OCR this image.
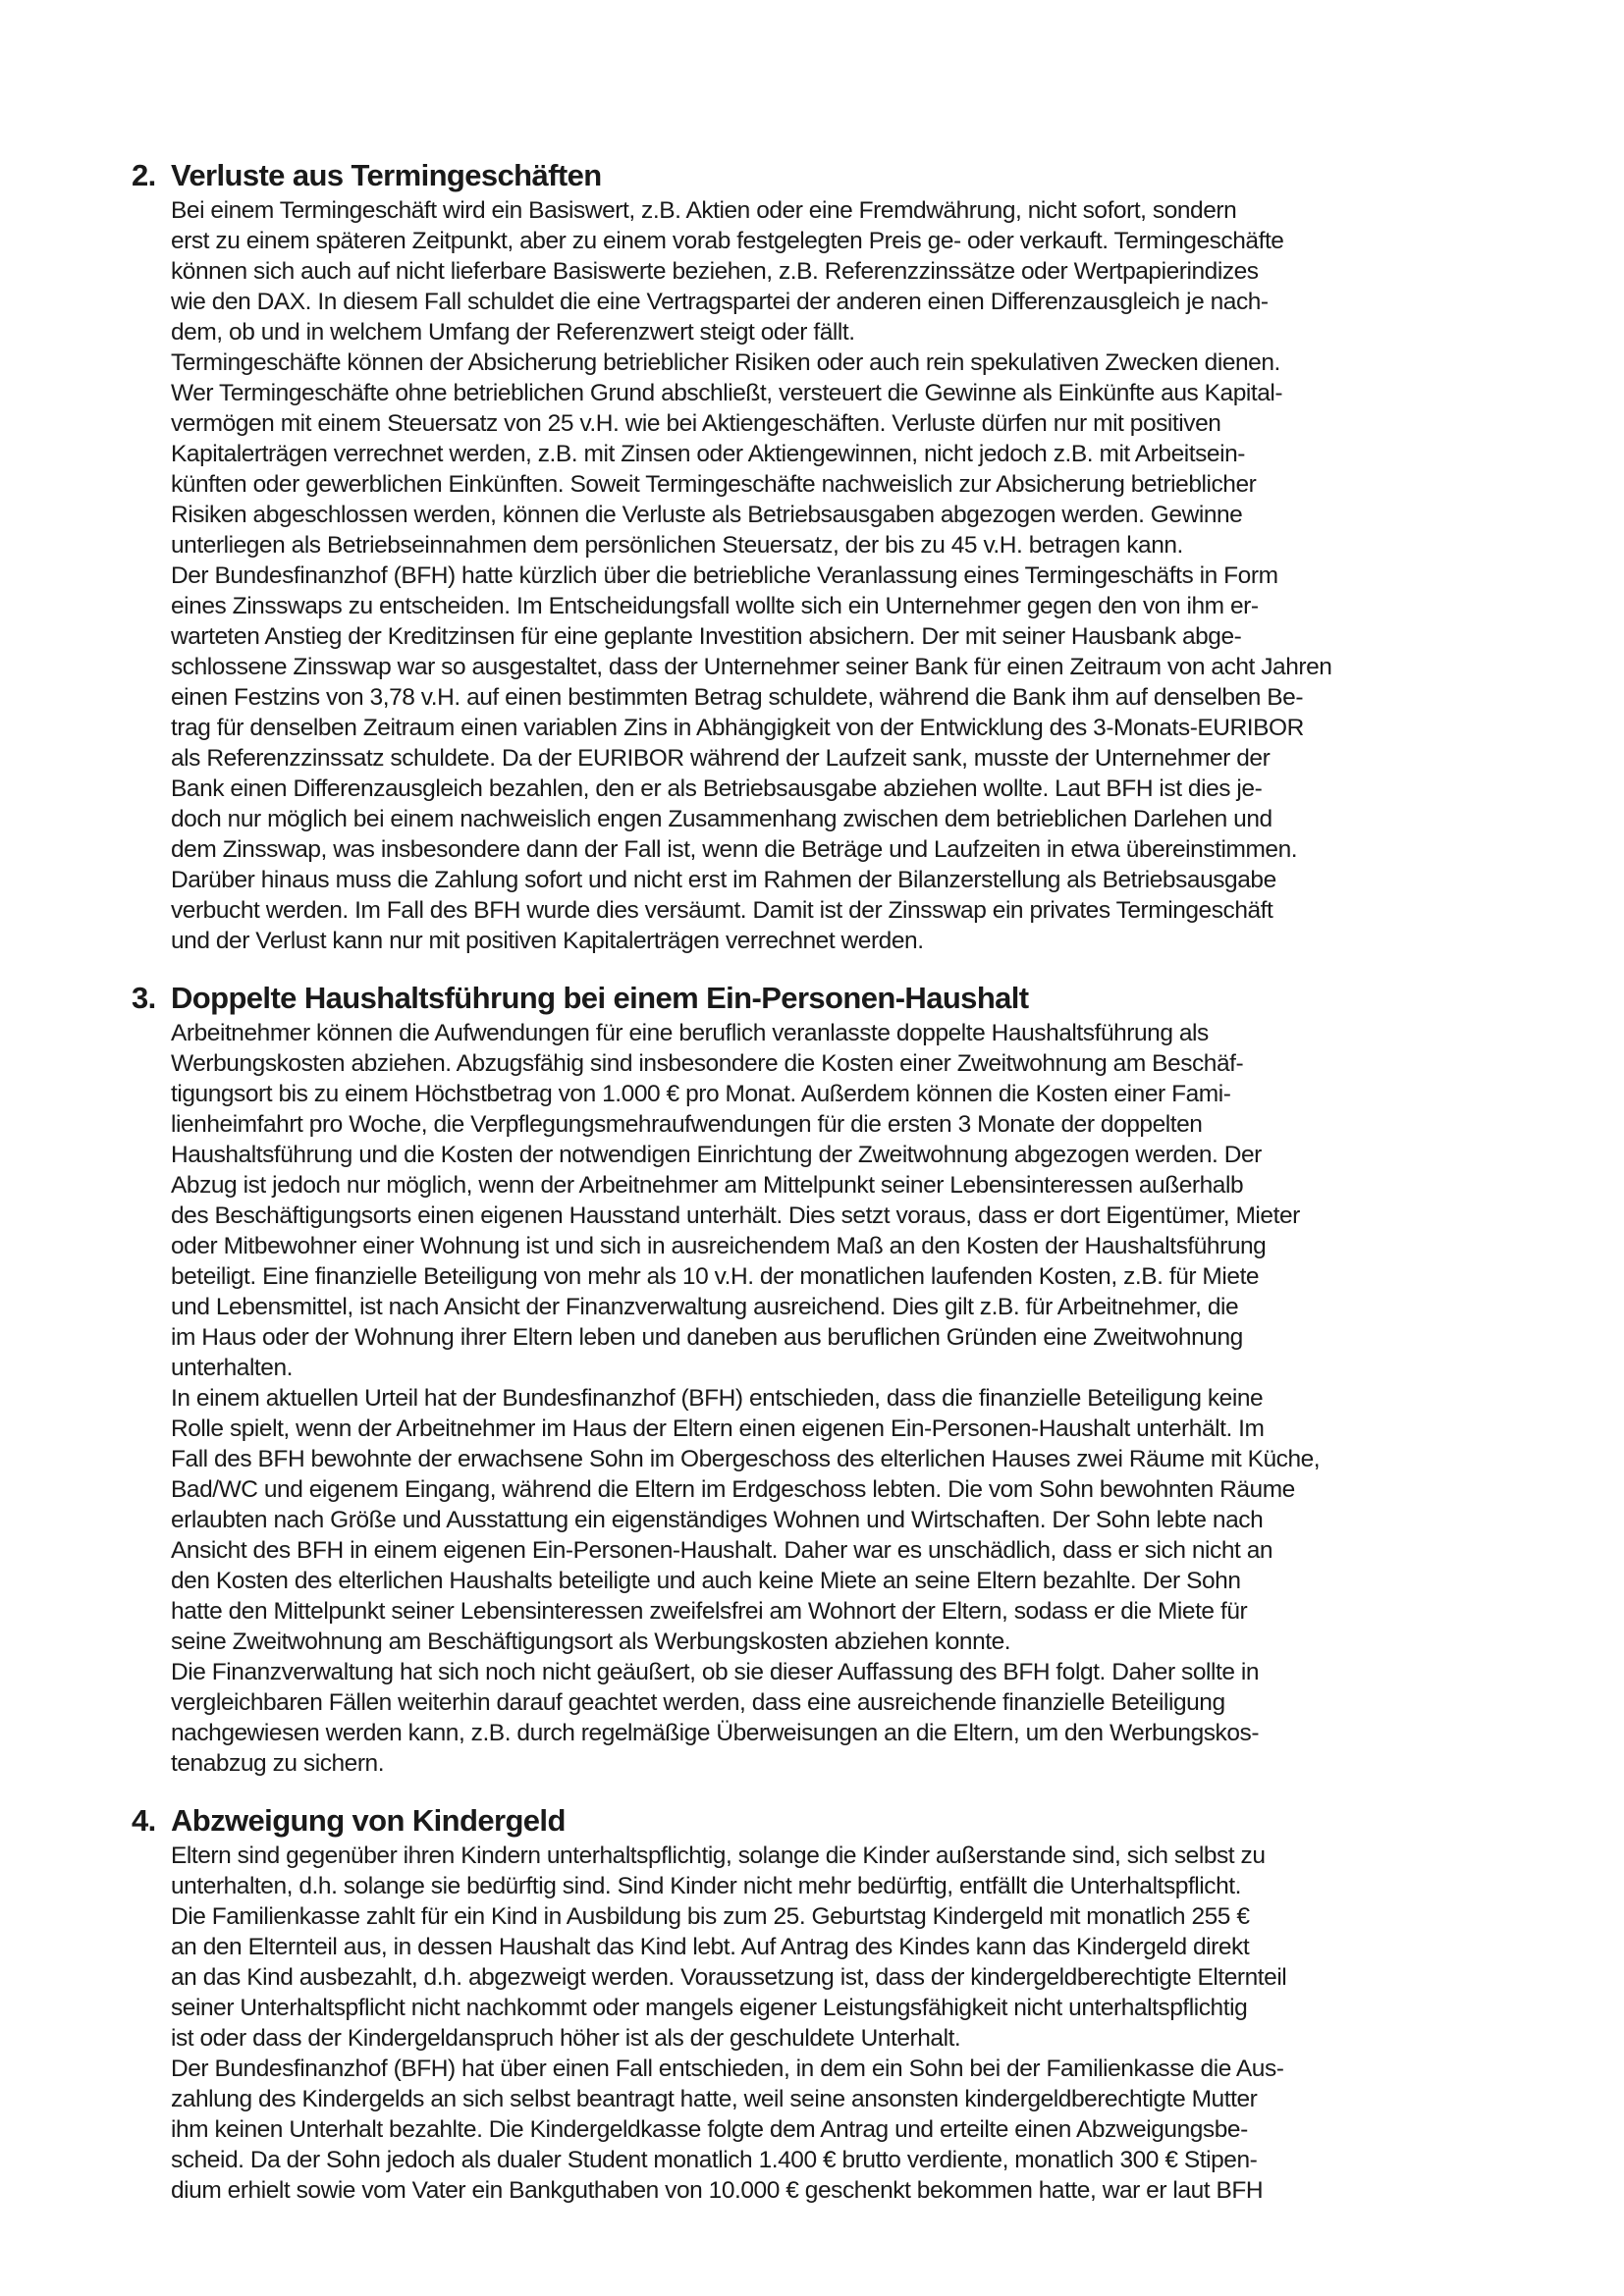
2. Verluste aus Termingeschäften
Bei einem Termingeschäft wird ein Basiswert, z.B. Aktien oder eine Fremdwährung, nicht sofort, sondern
erst zu einem späteren Zeitpunkt, aber zu einem vorab festgelegten Preis ge- oder verkauft. Termingeschäfte
können sich auch auf nicht lieferbare Basiswerte beziehen, z.B. Referenzzinssätze oder Wertpapierindizes
wie den DAX. In diesem Fall schuldet die eine Vertragspartei der anderen einen Differenzausgleich je nach-
dem, ob und in welchem Umfang der Referenzwert steigt oder fällt.
Termingeschäfte können der Absicherung betrieblicher Risiken oder auch rein spekulativen Zwecken dienen.
Wer Termingeschäfte ohne betrieblichen Grund abschließt, versteuert die Gewinne als Einkünfte aus Kapital-
vermögen mit einem Steuersatz von 25 v.H. wie bei Aktiengeschäften. Verluste dürfen nur mit positiven
Kapitalerträgen verrechnet werden, z.B. mit Zinsen oder Aktiengewinnen, nicht jedoch z.B. mit Arbeitsein-
künften oder gewerblichen Einkünften. Soweit Termingeschäfte nachweislich zur Absicherung betrieblicher
Risiken abgeschlossen werden, können die Verluste als Betriebsausgaben abgezogen werden. Gewinne
unterliegen als Betriebseinnahmen dem persönlichen Steuersatz, der bis zu 45 v.H. betragen kann.
Der Bundesfinanzhof (BFH) hatte kürzlich über die betriebliche Veranlassung eines Termingeschäfts in Form
eines Zinsswaps zu entscheiden. Im Entscheidungsfall wollte sich ein Unternehmer gegen den von ihm er-
warteten Anstieg der Kreditzinsen für eine geplante Investition absichern. Der mit seiner Hausbank abge-
schlossene Zinsswap war so ausgestaltet, dass der Unternehmer seiner Bank für einen Zeitraum von acht Jahren
einen Festzins von 3,78 v.H. auf einen bestimmten Betrag schuldete, während die Bank ihm auf denselben Be-
trag für denselben Zeitraum einen variablen Zins in Abhängigkeit von der Entwicklung des 3-Monats-EURIBOR
als Referenzzinssatz schuldete. Da der EURIBOR während der Laufzeit sank, musste der Unternehmer der
Bank einen Differenzausgleich bezahlen, den er als Betriebsausgabe abziehen wollte. Laut BFH ist dies je-
doch nur möglich bei einem nachweislich engen Zusammenhang zwischen dem betrieblichen Darlehen und
dem Zinsswap, was insbesondere dann der Fall ist, wenn die Beträge und Laufzeiten in etwa übereinstimmen.
Darüber hinaus muss die Zahlung sofort und nicht erst im Rahmen der Bilanzerstellung als Betriebsausgabe
verbucht werden. Im Fall des BFH wurde dies versäumt. Damit ist der Zinsswap ein privates Termingeschäft
und der Verlust kann nur mit positiven Kapitalerträgen verrechnet werden.
3. Doppelte Haushaltsführung bei einem Ein-Personen-Haushalt
Arbeitnehmer können die Aufwendungen für eine beruflich veranlasste doppelte Haushaltsführung als
Werbungskosten abziehen. Abzugsfähig sind insbesondere die Kosten einer Zweitwohnung am Beschäf-
tigungsort bis zu einem Höchstbetrag von 1.000 € pro Monat. Außerdem können die Kosten einer Fami-
lienheimfahrt pro Woche, die Verpflegungsmehraufwendungen für die ersten 3 Monate der doppelten
Haushaltsführung und die Kosten der notwendigen Einrichtung der Zweitwohnung abgezogen werden. Der
Abzug ist jedoch nur möglich, wenn der Arbeitnehmer am Mittelpunkt seiner Lebensinteressen außerhalb
des Beschäftigungsorts einen eigenen Hausstand unterhält. Dies setzt voraus, dass er dort Eigentümer, Mieter
oder Mitbewohner einer Wohnung ist und sich in ausreichendem Maß an den Kosten der Haushaltsführung
beteiligt. Eine finanzielle Beteiligung von mehr als 10 v.H. der monatlichen laufenden Kosten, z.B. für Miete
und Lebensmittel, ist nach Ansicht der Finanzverwaltung ausreichend. Dies gilt z.B. für Arbeitnehmer, die
im Haus oder der Wohnung ihrer Eltern leben und daneben aus beruflichen Gründen eine Zweitwohnung
unterhalten.
In einem aktuellen Urteil hat der Bundesfinanzhof (BFH) entschieden, dass die finanzielle Beteiligung keine
Rolle spielt, wenn der Arbeitnehmer im Haus der Eltern einen eigenen Ein-Personen-Haushalt unterhält. Im
Fall des BFH bewohnte der erwachsene Sohn im Obergeschoss des elterlichen Hauses zwei Räume mit Küche,
Bad/WC und eigenem Eingang, während die Eltern im Erdgeschoss lebten. Die vom Sohn bewohnten Räume
erlaubten nach Größe und Ausstattung ein eigenständiges Wohnen und Wirtschaften. Der Sohn lebte nach
Ansicht des BFH in einem eigenen Ein-Personen-Haushalt. Daher war es unschädlich, dass er sich nicht an
den Kosten des elterlichen Haushalts beteiligte und auch keine Miete an seine Eltern bezahlte. Der Sohn
hatte den Mittelpunkt seiner Lebensinteressen zweifelsfrei am Wohnort der Eltern, sodass er die Miete für
seine Zweitwohnung am Beschäftigungsort als Werbungskosten abziehen konnte.
Die Finanzverwaltung hat sich noch nicht geäußert, ob sie dieser Auffassung des BFH folgt. Daher sollte in
vergleichbaren Fällen weiterhin darauf geachtet werden, dass eine ausreichende finanzielle Beteiligung
nachgewiesen werden kann, z.B. durch regelmäßige Überweisungen an die Eltern, um den Werbungskos-
tenabzug zu sichern.
4. Abzweigung von Kindergeld
Eltern sind gegenüber ihren Kindern unterhaltspflichtig, solange die Kinder außerstande sind, sich selbst zu
unterhalten, d.h. solange sie bedürftig sind. Sind Kinder nicht mehr bedürftig, entfällt die Unterhaltspflicht.
Die Familienkasse zahlt für ein Kind in Ausbildung bis zum 25. Geburtstag Kindergeld mit monatlich 255 €
an den Elternteil aus, in dessen Haushalt das Kind lebt. Auf Antrag des Kindes kann das Kindergeld direkt
an das Kind ausbezahlt, d.h. abgezweigt werden. Voraussetzung ist, dass der kindergeldberechtigte Elternteil
seiner Unterhaltspflicht nicht nachkommt oder mangels eigener Leistungsfähigkeit nicht unterhaltspflichtig
ist oder dass der Kindergeldanspruch höher ist als der geschuldete Unterhalt.
Der Bundesfinanzhof (BFH) hat über einen Fall entschieden, in dem ein Sohn bei der Familienkasse die Aus-
zahlung des Kindergelds an sich selbst beantragt hatte, weil seine ansonsten kindergeldberechtigte Mutter
ihm keinen Unterhalt bezahlte. Die Kindergeldkasse folgte dem Antrag und erteilte einen Abzweigungsbe-
scheid. Da der Sohn jedoch als dualer Student monatlich 1.400 € brutto verdiente, monatlich 300 € Stipen-
dium erhielt sowie vom Vater ein Bankguthaben von 10.000 € geschenkt bekommen hatte, war er laut BFH
